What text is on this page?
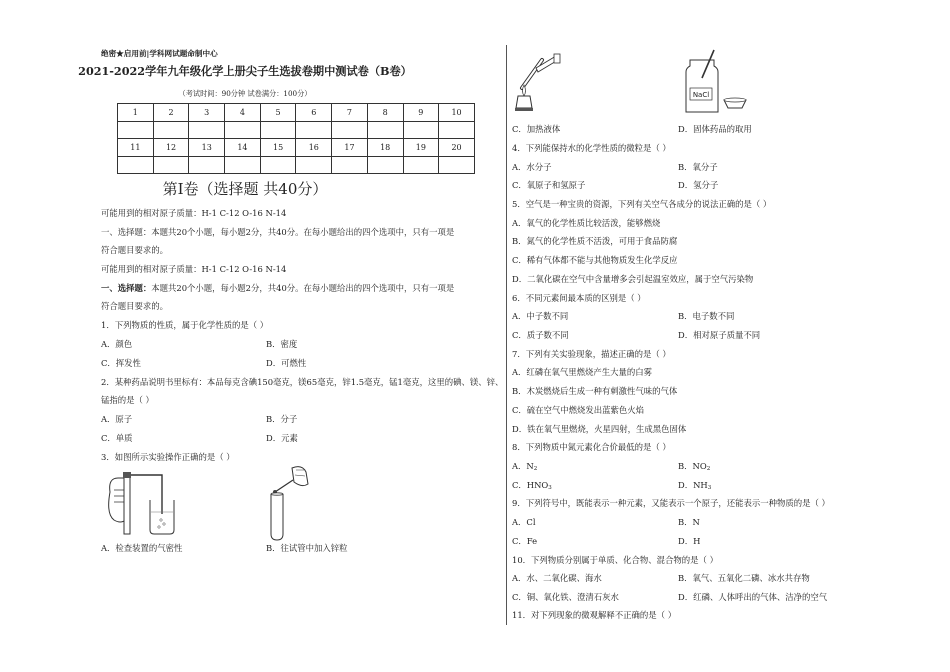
绝密★启用前|学科网试题命制中心
2021-2022学年九年级化学上册尖子生选拔卷期中测试卷（B卷）
（考试时间：90分钟 试卷满分：100分）
1	2	3	4	5	6	7	8	9	10

11	12	13	14	15	16	17	18	19	20

第Ⅰ卷（选择题 共40分）
可能用到的相对原子质量：H-1 C-12 O-16 N-14
一、选择题：本题共20个小题，每小题2分，共40分。在每小题给出的四个选项中，只有一项是
符合题目要求的。
可能用到的相对原子质量：H-1 C-12 O-16 N-14
一、选择题：本题共20个小题，每小题2分，共40分。在每小题给出的四个选项中，只有一项是
符合题目要求的。
1．下列物质的性质，属于化学性质的是（ ）
A．颜色	B．密度
C．挥发性	D．可燃性
2．某种药品说明书里标有：本品每克含碘150毫克，镁65毫克，锌1.5毫克，锰1毫克，这里的碘、镁、锌、
锰指的是（ ）
A．原子	B．分子
C．单质	D．元素
3．如图所示实验操作正确的是（ ）
A．检查装置的气密性	B．往试管中加入锌粒
C．加热液体
NaCl
D．固体药品的取用
4．下列能保持水的化学性质的微粒是（ ）
A．水分子	B．氧分子
C．氧原子和氢原子	D．氢分子
5．空气是一种宝贵的资源，下列有关空气各成分的说法正确的是（ ）
A．氧气的化学性质比较活泼，能够燃烧
B．氮气的化学性质不活泼，可用于食品防腐
C．稀有气体都不能与其他物质发生化学反应
D．二氧化碳在空气中含量增多会引起温室效应，属于空气污染物
6．不同元素间最本质的区别是（ ）
A．中子数不同	B．电子数不同
C．质子数不同	D．相对原子质量不同
7．下列有关实验现象，描述正确的是（ ）
A．红磷在氧气里燃烧产生大量的白雾
B．木炭燃烧后生成一种有刺激性气味的气体
C．硫在空气中燃烧发出蓝紫色火焰
D．铁在氧气里燃烧，火星四射，生成黑色固体
8．下列物质中氮元素化合价最低的是（ ）
A．N2	B．NO2
C．HNO3	D．NH3
9．下列符号中，既能表示一种元素，又能表示一个原子，还能表示一种物质的是（ ）
A．Cl	B．N
C．Fe	D．H
10．下列物质分别属于单质、化合物、混合物的是（ ）
A．水、二氧化碳、海水	B．氧气、五氧化二磷、冰水共存物
C．铜、氧化铁、澄清石灰水	D．红磷、人体呼出的气体、洁净的空气
11．对下列现象的微观解释不正确的是（ ）
